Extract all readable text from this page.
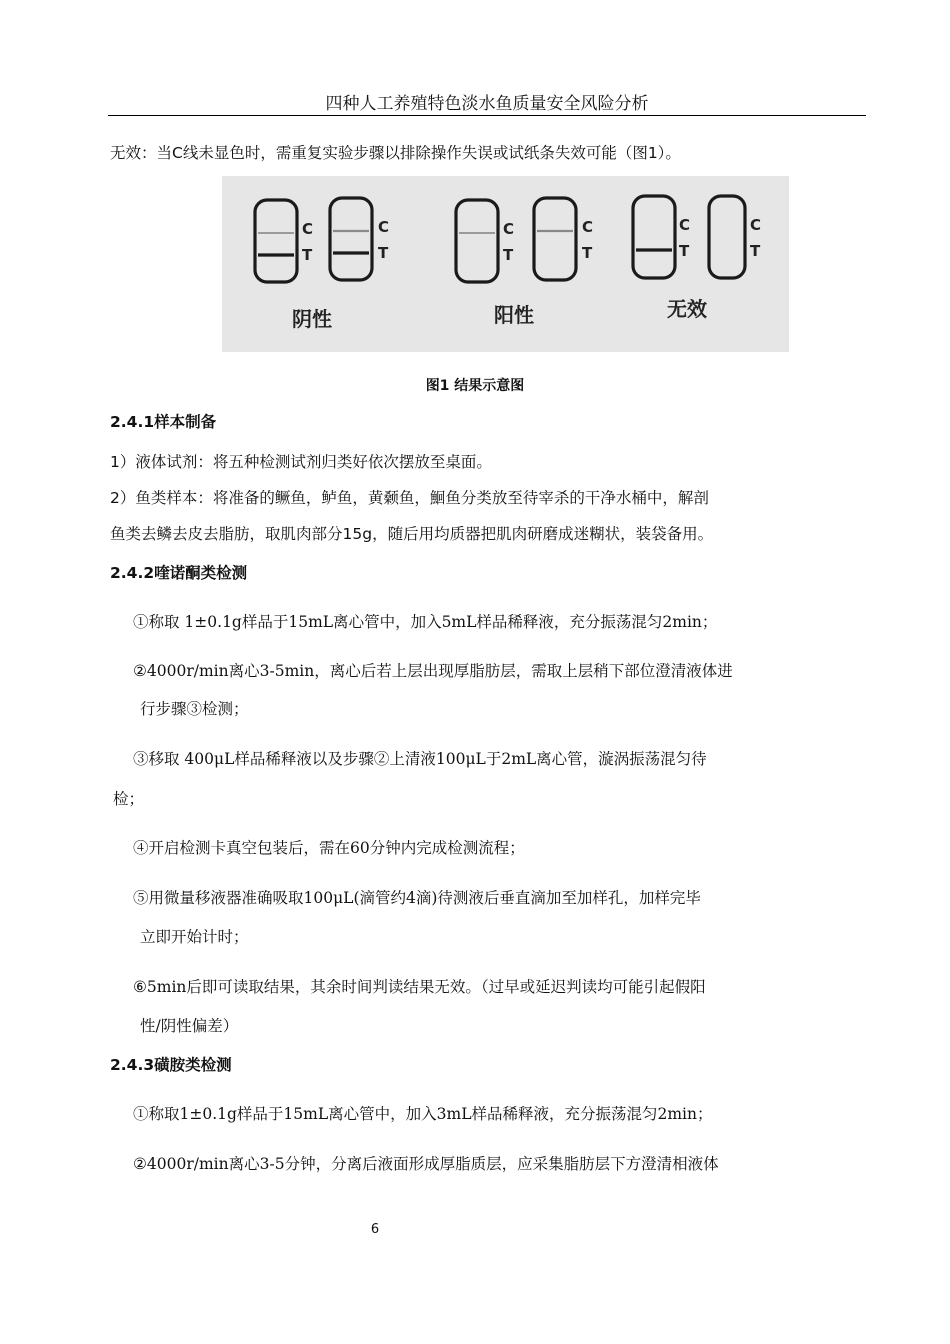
四种人工养殖特色淡水鱼质量安全风险分析
无效：当C线未显色时，需重复实验步骤以排除操作失误或试纸条失效可能（图1）。
C
T
C
T
C
T
C
T
C
T
C
T
阴性	阳性	无效
图1 结果示意图
2.4.1样本制备
1）液体试剂：将五种检测试剂归类好依次摆放至桌面。
2）鱼类样本：将准备的鳜鱼，鲈鱼，黄颡鱼，鮰鱼分类放至待宰杀的干净水桶中，解剖
鱼类去鳞去皮去脂肪，取肌肉部分15g，随后用均质器把肌肉研磨成迷糊状，装袋备用。
2.4.2喹诺酮类检测
①称取 1±0.1g样品于15mL离心管中，加入5mL样品稀释液，充分振荡混匀2min；
②4000r/min离心3-5min，离心后若上层出现厚脂肪层，需取上层稍下部位澄清液体进
行步骤③检测；
③移取 400μL样品稀释液以及步骤②上清液100μL于2mL离心管，漩涡振荡混匀待
检；
④开启检测卡真空包装后，需在60分钟内完成检测流程；
⑤用微量移液器准确吸取100μL(滴管约4滴)待测液后垂直滴加至加样孔，加样完毕
立即开始计时；
⑥5min后即可读取结果，其余时间判读结果无效。（过早或延迟判读均可能引起假阳
性/阴性偏差）
2.4.3磺胺类检测
①称取1±0.1g样品于15mL离心管中，加入3mL样品稀释液，充分振荡混匀2min；
②4000r/min离心3-5分钟，分离后液面形成厚脂质层，应采集脂肪层下方澄清相液体
6
